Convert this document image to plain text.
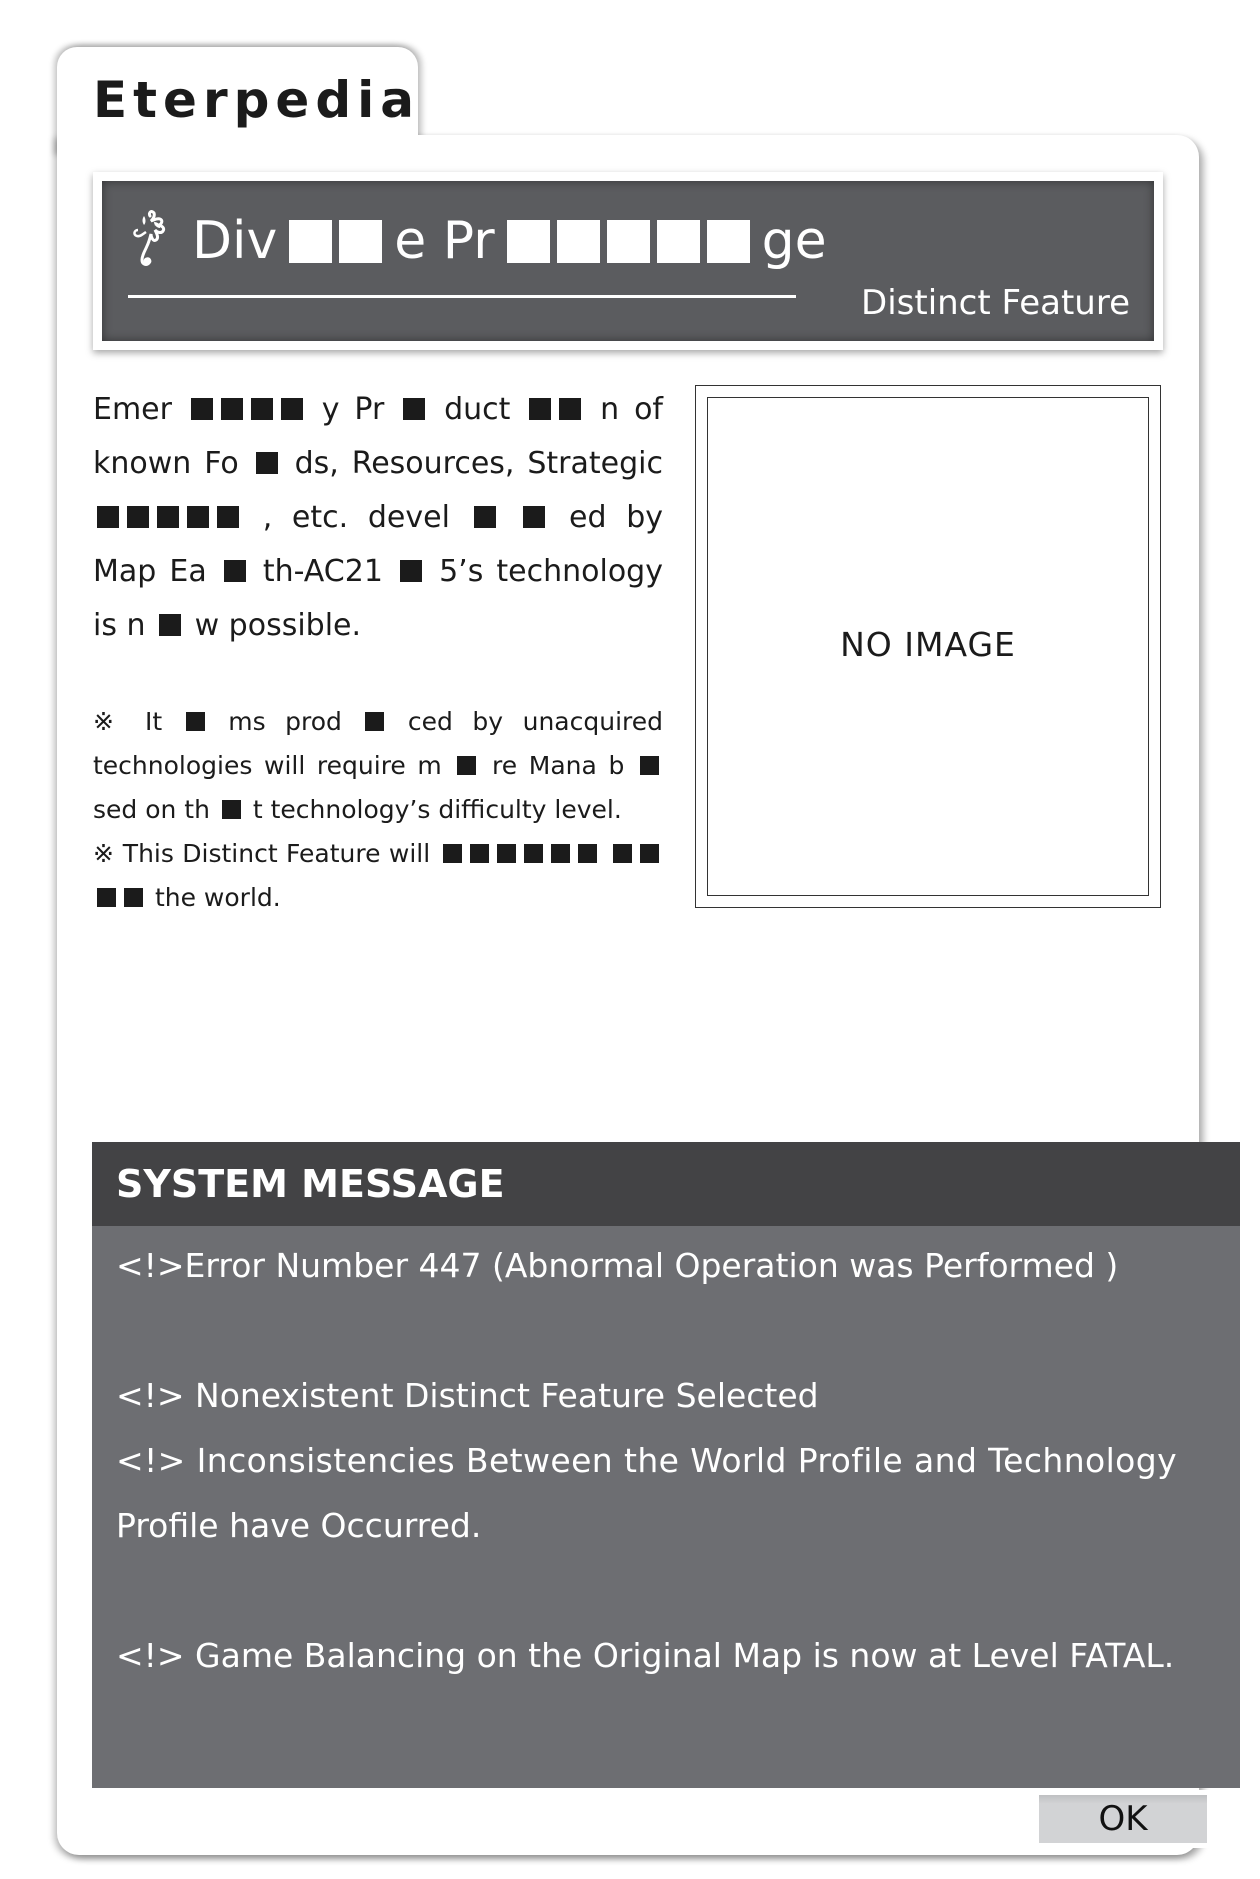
Eterpedia
Div e Pr	ge
Distinct Feature
Emer	y Pr  duct  n of known Fo  ds, Resources, Strategic  , etc. devel	ed by Map Ea  th-AC21  5’s technology is n  w possible.
※ It  ms prod  ced by unacquired technologies will require m  re Mana b  sed on th  t technology’s difficulty level.
※ This Distinct Feature will   the world.
NO IMAGE
SYSTEM MESSAGE
<!>Error Number 447 (Abnormal Operation was Performed )
<!> Nonexistent Distinct Feature Selected
<!> Inconsistencies Between the World Profile and Technology
Profile have Occurred.
<!> Game Balancing on the Original Map is now at Level FATAL.
OK
